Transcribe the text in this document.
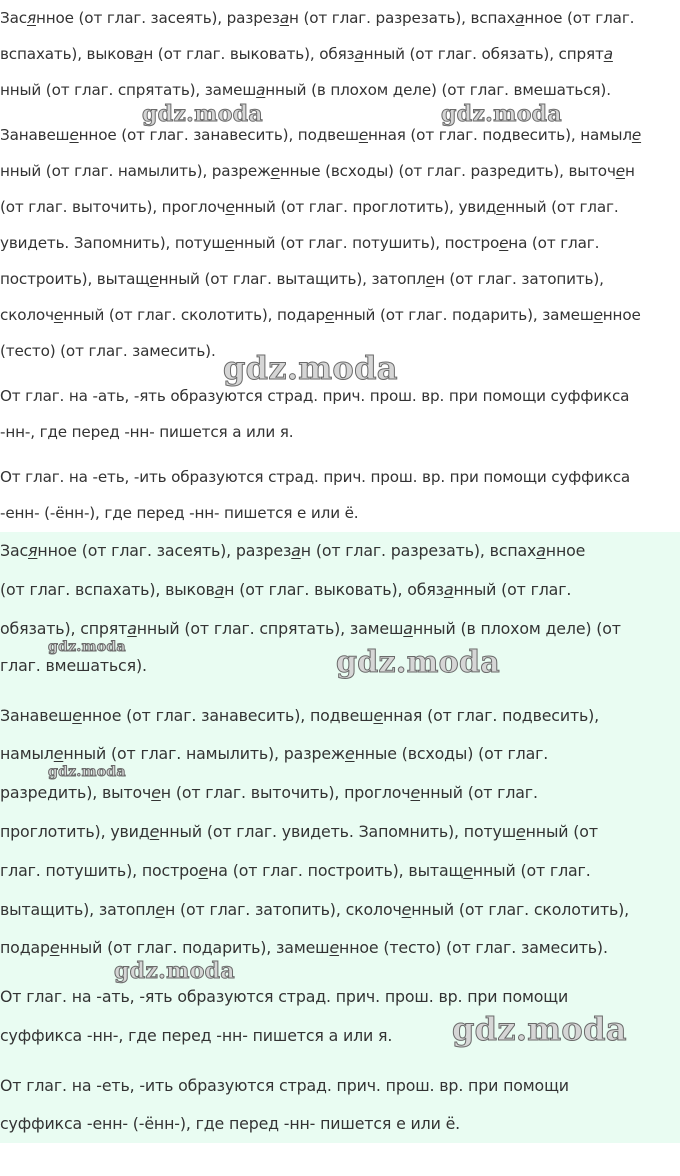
Засянное (от глаг. засеять), разрезан (от глаг. разрезать), вспаханное (от глаг.

вспахать), выкован (от глаг. выковать), обязанный (от глаг. обязать), спрята

нный (от глаг. спрятать), замешанный (в плохом деле) (от глаг. вмешаться).

Занавешенное (от глаг. занавесить), подвешенная (от глаг. подвесить), намыле

нный (от глаг. намылить), разреженные (всходы) (от глаг. разредить), выточен

(от глаг. выточить), проглоченный (от глаг. проглотить), увиденный (от глаг.

увидеть. Запомнить), потушенный (от глаг. потушить), построена (от глаг.

построить), вытащенный (от глаг. вытащить), затоплен (от глаг. затопить),

сколоченный (от глаг. сколотить), подаренный (от глаг. подарить), замешенное

(тесто) (от глаг. замесить).

От глаг. на -ать, -ять образуются страд. прич. прош. вр. при помощи суффикса

-нн-, где перед -нн- пишется а или я.

От глаг. на -еть, -ить образуются страд. прич. прош. вр. при помощи суффикса

-енн- (-ённ-), где перед -нн- пишется е или ё.

gdz.moda	gdz.moda
gdz.moda

Засянное (от глаг. засеять), разрезан (от глаг. разрезать), вспаханное

(от глаг. вспахать), выкован (от глаг. выковать), обязанный (от глаг.

обязать), спрятанный (от глаг. спрятать), замешанный (в плохом деле) (от

глаг. вмешаться).

Занавешенное (от глаг. занавесить), подвешенная (от глаг. подвесить),

намыленный (от глаг. намылить), разреженные (всходы) (от глаг.

разредить), выточен (от глаг. выточить), проглоченный (от глаг.

проглотить), увиденный (от глаг. увидеть. Запомнить), потушенный (от

глаг. потушить), построена (от глаг. построить), вытащенный (от глаг.

вытащить), затоплен (от глаг. затопить), сколоченный (от глаг. сколотить),

подаренный (от глаг. подарить), замешенное (тесто) (от глаг. замесить).

От глаг. на -ать, -ять образуются страд. прич. прош. вр. при помощи

суффикса -нн-, где перед -нн- пишется а или я.

От глаг. на -еть, -ить образуются страд. прич. прош. вр. при помощи

суффикса -енн- (-ённ-), где перед -нн- пишется е или ё.

gdz.moda	gdz.moda
gdz.moda
gdz.moda
gdz.moda
